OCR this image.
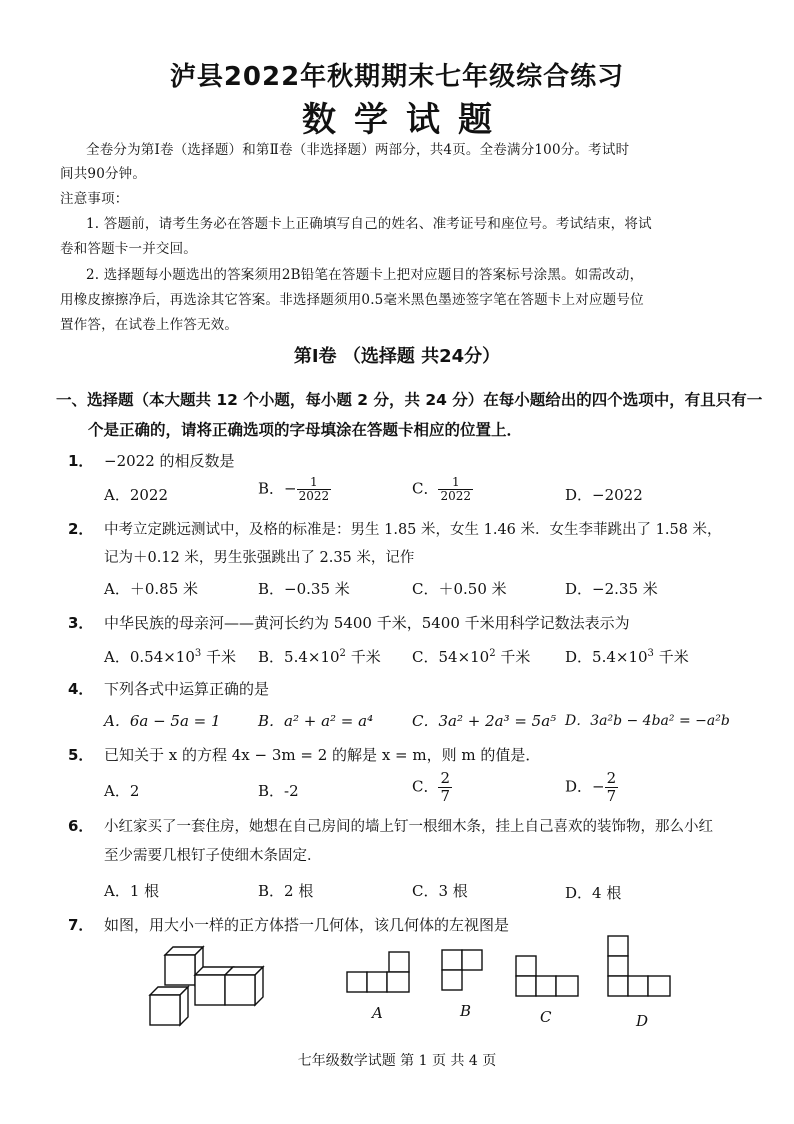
泸县2022年秋期期末七年级综合练习
数学试题
全卷分为第Ⅰ卷（选择题）和第Ⅱ卷（非选择题）两部分，共4页。全卷满分100分。考试时
间共90分钟。
注意事项：
1. 答题前，请考生务必在答题卡上正确填写自己的姓名、准考证号和座位号。考试结束，将试
卷和答题卡一并交回。
2. 选择题每小题选出的答案须用2B铅笔在答题卡上把对应题目的答案标号涂黑。如需改动，
用橡皮擦擦净后，再选涂其它答案。非选择题须用0.5毫米黑色墨迹签字笔在答题卡上对应题号位
置作答，在试卷上作答无效。
第Ⅰ卷 （选择题 共24分）
一、选择题（本大题共 12 个小题，每小题 2 分，共 24 分）在每小题给出的四个选项中，有且只有一
个是正确的，请将正确选项的字母填涂在答题卡相应的位置上．
1． −2022 的相反数是
A．2022	B．− $\frac{1}{2022}$	C． $\frac{1}{2022}$	D．−2022
2． 中考立定跳远测试中，及格的标准是：男生 1.85 米，女生 1.46 米．女生李菲跳出了 1.58 米，
记为＋0.12 米，男生张强跳出了 2.35 米，记作
A．＋0.85 米	B．−0.35 米	C．＋0.50 米	D．−2.35 米
3． 中华民族的母亲河——黄河长约为 5400 千米，5400 千米用科学记数法表示为
A．$0.54\times 10^3$ 千米 B．$5.4\times 10^2$ 千米 C．$54\times 10^2$ 千米 D．$5.4\times 10^3$ 千米
4． 下列各式中运算正确的是
A．6a − 5a = 1 B．a² + a² = a⁴	C．3a² + 2a³ = 5a⁵ D．3a²b − 4ba² = −a²b
5． 已知关于 x 的方程 4x − 3m = 2 的解是 x = m，则 m 的值是．
A．2	B．-2	C． $\frac{2}{7}$	D．− $\frac{2}{7}$
6． 小红家买了一套住房，她想在自己房间的墙上钉一根细木条，挂上自己喜欢的装饰物，那么小红
至少需要几根钉子使细木条固定．
A．1 根	B．2 根	C．3 根	D．4 根
7． 如图，用大小一样的正方体搭一几何体，该几何体的左视图是
A	B	C	D
七年级数学试题 第 1 页 共 4 页
